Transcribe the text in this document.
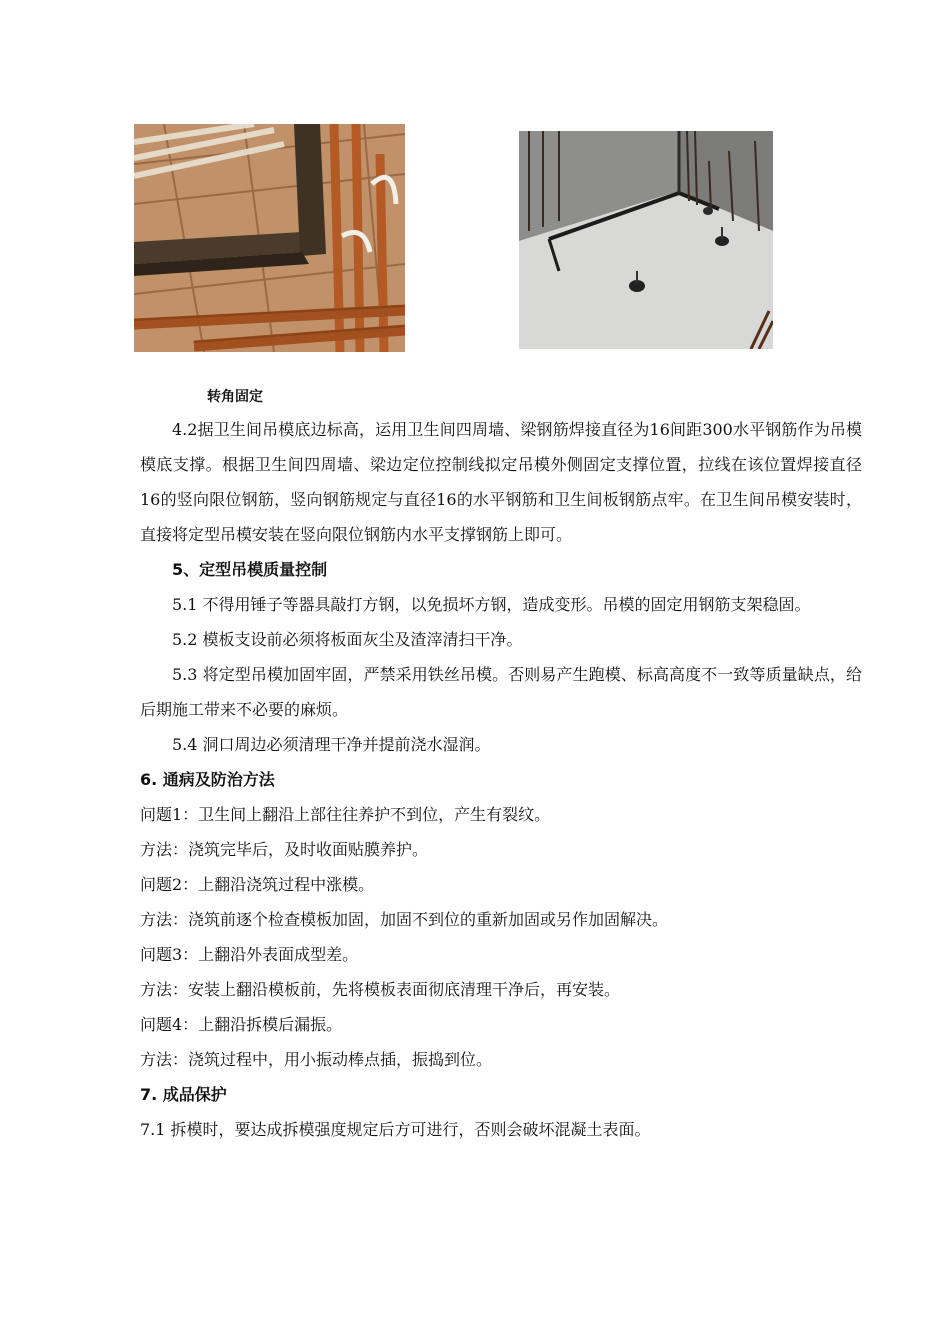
转角固定

4.2据卫生间吊模底边标高，运用卫生间四周墙、梁钢筋焊接直径为16间距300水平钢筋作为吊模模底支撑。根据卫生间四周墙、梁边定位控制线拟定吊模外侧固定支撑位置，拉线在该位置焊接直径16的竖向限位钢筋，竖向钢筋规定与直径16的水平钢筋和卫生间板钢筋点牢。在卫生间吊模安装时，直接将定型吊模安装在竖向限位钢筋内水平支撑钢筋上即可。

5、定型吊模质量控制

5.1 不得用锤子等器具敲打方钢，以免损坏方钢，造成变形。吊模的固定用钢筋支架稳固。

5.2 模板支设前必须将板面灰尘及渣滓清扫干净。

5.3 将定型吊模加固牢固，严禁采用铁丝吊模。否则易产生跑模、标高高度不一致等质量缺点，给后期施工带来不必要的麻烦。

5.4 洞口周边必须清理干净并提前浇水湿润。

6. 通病及防治方法

问题1：卫生间上翻沿上部往往养护不到位，产生有裂纹。

方法：浇筑完毕后，及时收面贴膜养护。

问题2：上翻沿浇筑过程中涨模。

方法：浇筑前逐个检查模板加固，加固不到位的重新加固或另作加固解决。

问题3：上翻沿外表面成型差。

方法：安装上翻沿模板前，先将模板表面彻底清理干净后，再安装。

问题4：上翻沿拆模后漏振。

方法：浇筑过程中，用小振动棒点插，振捣到位。

7. 成品保护

7.1 拆模时，要达成拆模强度规定后方可进行，否则会破坏混凝土表面。
